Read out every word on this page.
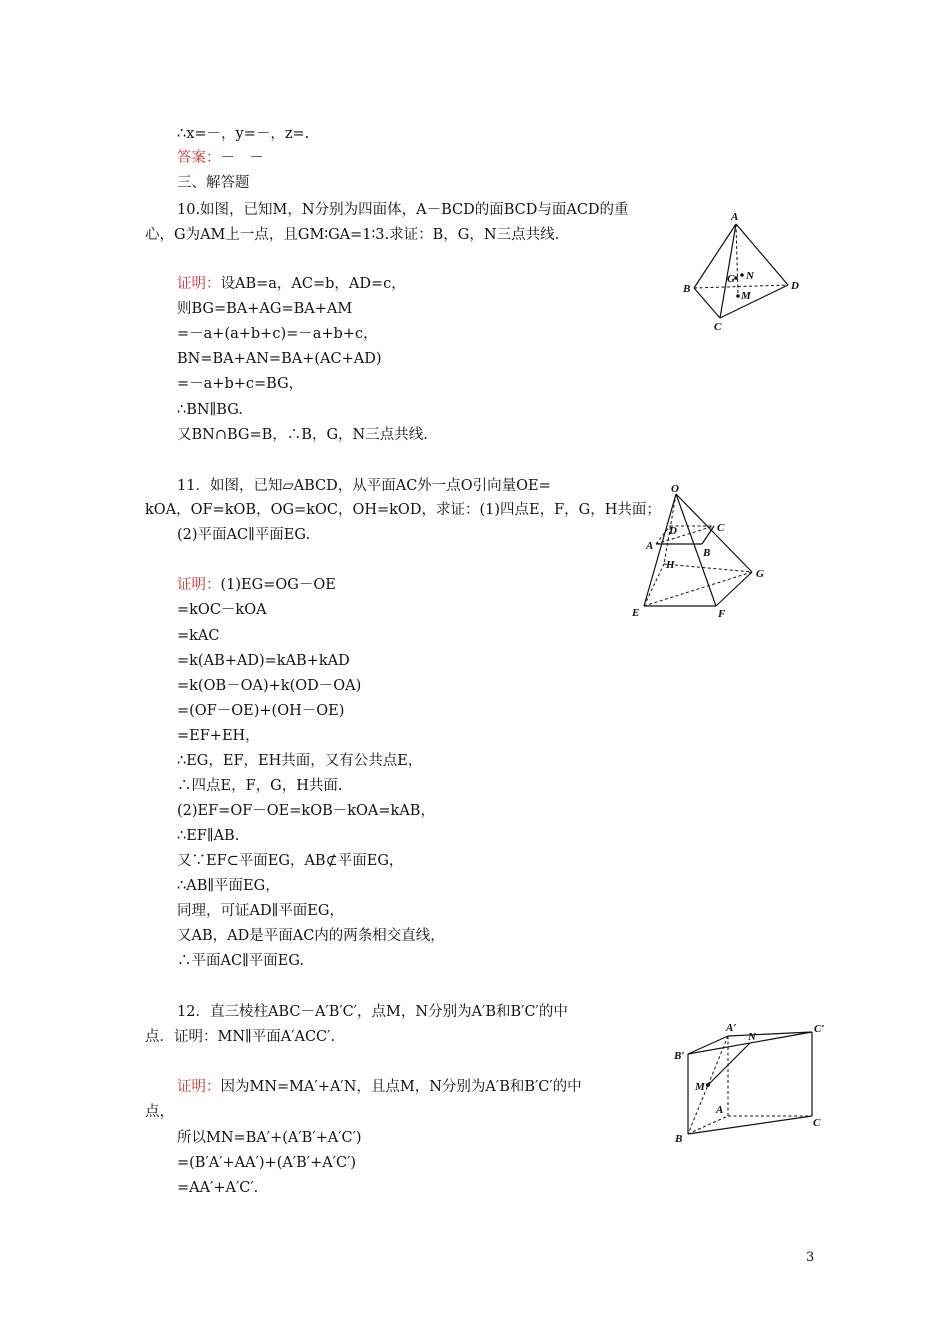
∴x=－，y=－，z=.
答案：－　－
三、解答题
10.如图，已知M，N分别为四面体，A－BCD的面BCD与面ACD的重
心，G为AM上一点，且GM∶GA=1∶3.求证：B，G，N三点共线.
证明：设AB=a，AC=b，AD=c，
则BG=BA+AG=BA+AM
=－a+(a+b+c)=－a+b+c，
BN=BA+AN=BA+(AC+AD)
=－a+b+c=BG，
∴BN∥BG.
又BN∩BG=B，∴B，G，N三点共线.
11．如图，已知▱ABCD，从平面AC外一点O引向量OE=
kOA，OF=kOB，OG=kOC，OH=kOD，求证：(1)四点E，F，G，H共面；
(2)平面AC∥平面EG.
证明：(1)EG=OG－OE
=kOC－kOA
=kAC
=k(AB+AD)=kAB+kAD
=k(OB－OA)+k(OD－OA)
=(OF－OE)+(OH－OE)
=EF+EH，
∴EG，EF，EH共面，又有公共点E，
∴四点E，F，G，H共面.
(2)EF=OF－OE=kOB－kOA=kAB，
∴EF∥AB.
又∵EF⊂平面EG，AB⊄平面EG，
∴AB∥平面EG，
同理，可证AD∥平面EG，
又AB，AD是平面AC内的两条相交直线，
∴平面AC∥平面EG.
12．直三棱柱ABC－A′B′C′，点M，N分别为A′B和B′C′的中
点．证明：MN∥平面A′ACC′.
证明：因为MN=MA′+A′N，且点M，N分别为A′B和B′C′的中
点，
所以MN=BA′+(A′B′+A′C′)
=(B′A′+AA′)+(A′B′+A′C′)
=AA′+A′C′.
A
B
C
D
G N
M
O
D	C
A
B
H
G
E	F
A′
N
C′
B′
M
A
B
C
3
